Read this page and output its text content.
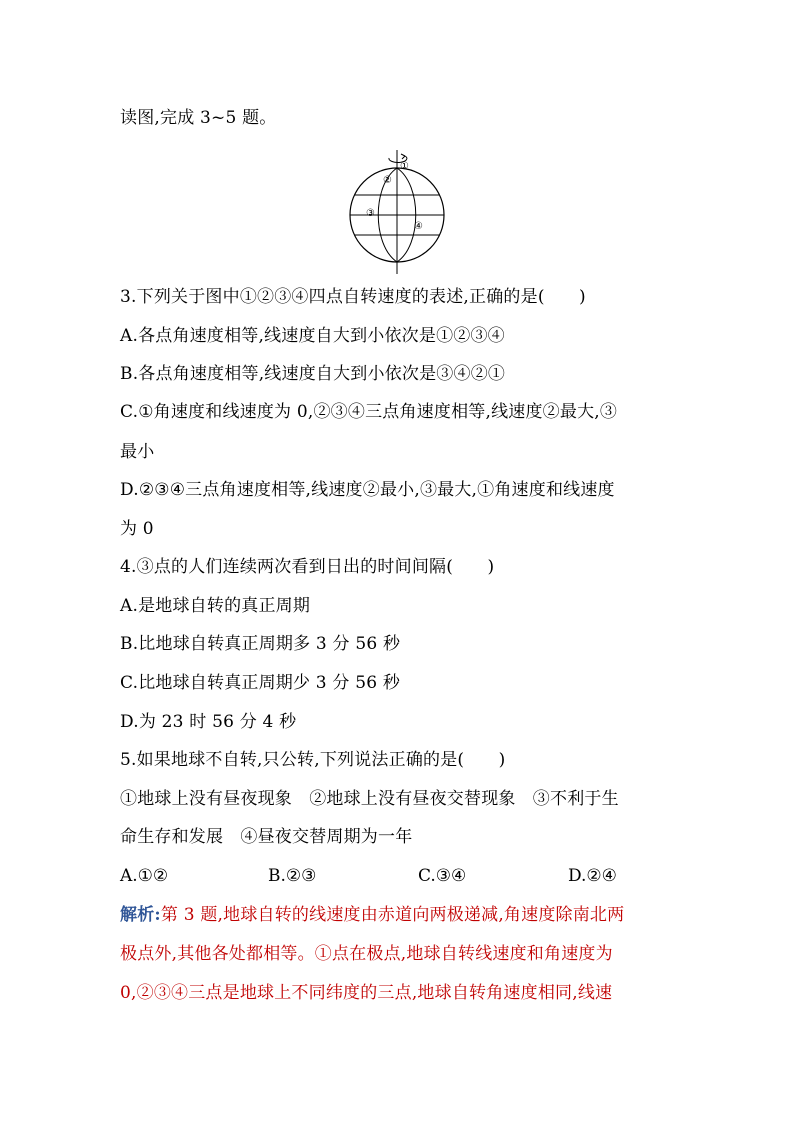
读图,完成 3~5 题。
①
②
③
④
3.下列关于图中①②③④四点自转速度的表述,正确的是(　　)
A.各点角速度相等,线速度自大到小依次是①②③④
B.各点角速度相等,线速度自大到小依次是③④②①
C.①角速度和线速度为 0,②③④三点角速度相等,线速度②最大,③
最小
D.②③④三点角速度相等,线速度②最小,③最大,①角速度和线速度
为 0
4.③点的人们连续两次看到日出的时间间隔(　　)
A.是地球自转的真正周期
B.比地球自转真正周期多 3 分 56 秒
C.比地球自转真正周期少 3 分 56 秒
D.为 23 时 56 分 4 秒
5.如果地球不自转,只公转,下列说法正确的是(　　)
①地球上没有昼夜现象　②地球上没有昼夜交替现象　③不利于生
命生存和发展　④昼夜交替周期为一年
A.①②	B.②③	C.③④	D.②④
解析:第 3 题,地球自转的线速度由赤道向两极递减,角速度除南北两
极点外,其他各处都相等。①点在极点,地球自转线速度和角速度为
0,②③④三点是地球上不同纬度的三点,地球自转角速度相同,线速
